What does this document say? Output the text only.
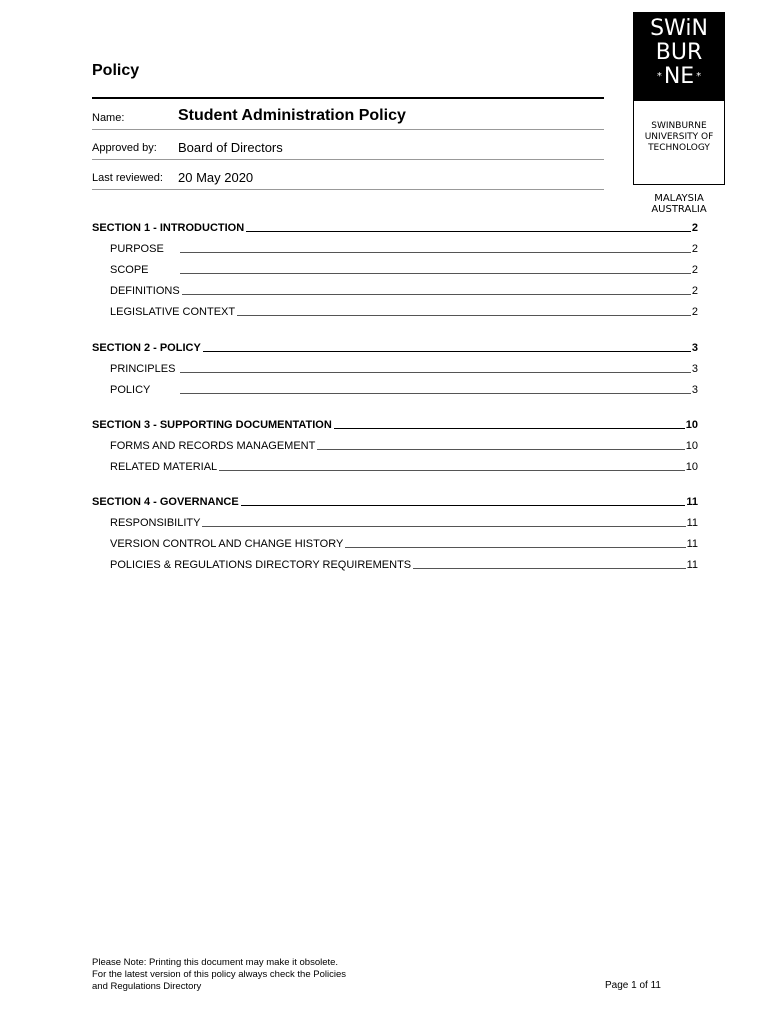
Policy
Name:	Student Administration Policy
Approved by: Board of Directors
Last reviewed: 20 May 2020
SWiN
BUR
*NE *
SWINBURNE
UNIVERSITY OF
TECHNOLOGY
MALAYSIA
AUSTRALIA
SECTION 1 - INTRODUCTION	2
PURPOSE	2
SCOPE	2
DEFINITIONS	2
LEGISLATIVE CONTEXT	2
SECTION 2 - POLICY	3
PRINCIPLES	3
POLICY	3
SECTION 3 - SUPPORTING DOCUMENTATION	10
FORMS AND RECORDS MANAGEMENT	10
RELATED MATERIAL	10
SECTION 4 - GOVERNANCE	11
RESPONSIBILITY	11
VERSION CONTROL AND CHANGE HISTORY	11
POLICIES & REGULATIONS DIRECTORY REQUIREMENTS	11
Please Note: Printing this document may make it obsolete.
For the latest version of this policy always check the Policies
and Regulations Directory	Page 1 of 11
